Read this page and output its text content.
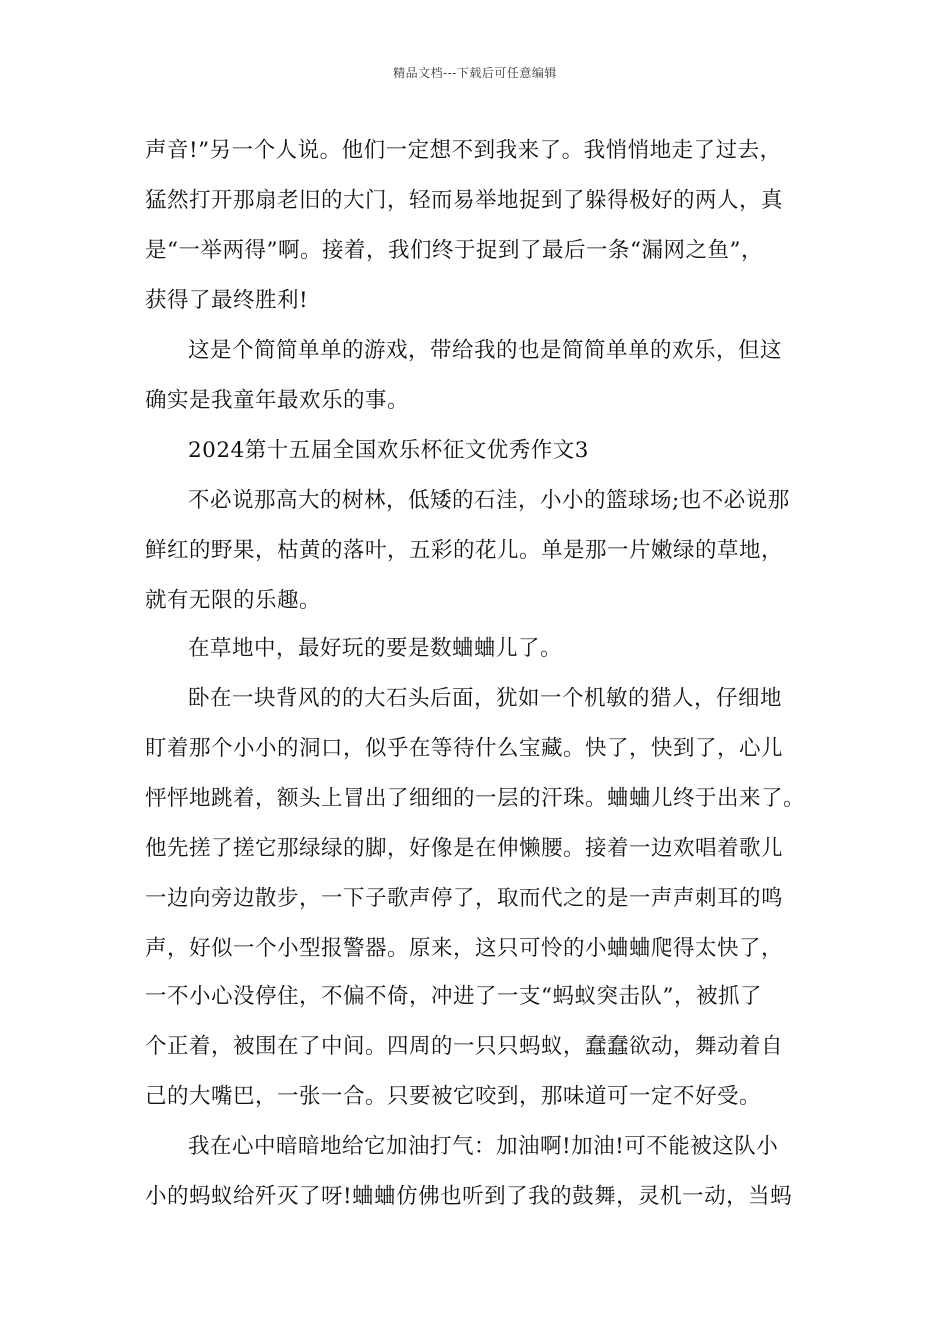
精品文档---下载后可任意编辑
声音!”另一个人说。他们一定想不到我来了。我悄悄地走了过去，
猛然打开那扇老旧的大门，轻而易举地捉到了躲得极好的两人，真
是“一举两得”啊。接着，我们终于捉到了最后一条“漏网之鱼”，
获得了最终胜利!
这是个简简单单的游戏，带给我的也是简简单单的欢乐，但这
确实是我童年最欢乐的事。
2024第十五届全国欢乐杯征文优秀作文3
不必说那高大的树林，低矮的石洼，小小的篮球场;也不必说那
鲜红的野果，枯黄的落叶，五彩的花儿。单是那一片嫩绿的草地，
就有无限的乐趣。
在草地中，最好玩的要是数蛐蛐儿了。
卧在一块背风的的大石头后面，犹如一个机敏的猎人，仔细地
盯着那个小小的洞口，似乎在等待什么宝藏。快了，快到了，心儿
怦怦地跳着，额头上冒出了细细的一层的汗珠。蛐蛐儿终于出来了。
他先搓了搓它那绿绿的脚，好像是在伸懒腰。接着一边欢唱着歌儿
一边向旁边散步，一下子歌声停了，取而代之的是一声声刺耳的鸣
声，好似一个小型报警器。原来，这只可怜的小蛐蛐爬得太快了，
一不小心没停住，不偏不倚，冲进了一支“蚂蚁突击队”，被抓了
个正着，被围在了中间。四周的一只只蚂蚁，蠢蠢欲动，舞动着自
己的大嘴巴，一张一合。只要被它咬到，那味道可一定不好受。
我在心中暗暗地给它加油打气：加油啊!加油!可不能被这队小
小的蚂蚁给歼灭了呀!蛐蛐仿佛也听到了我的鼓舞，灵机一动，当蚂
